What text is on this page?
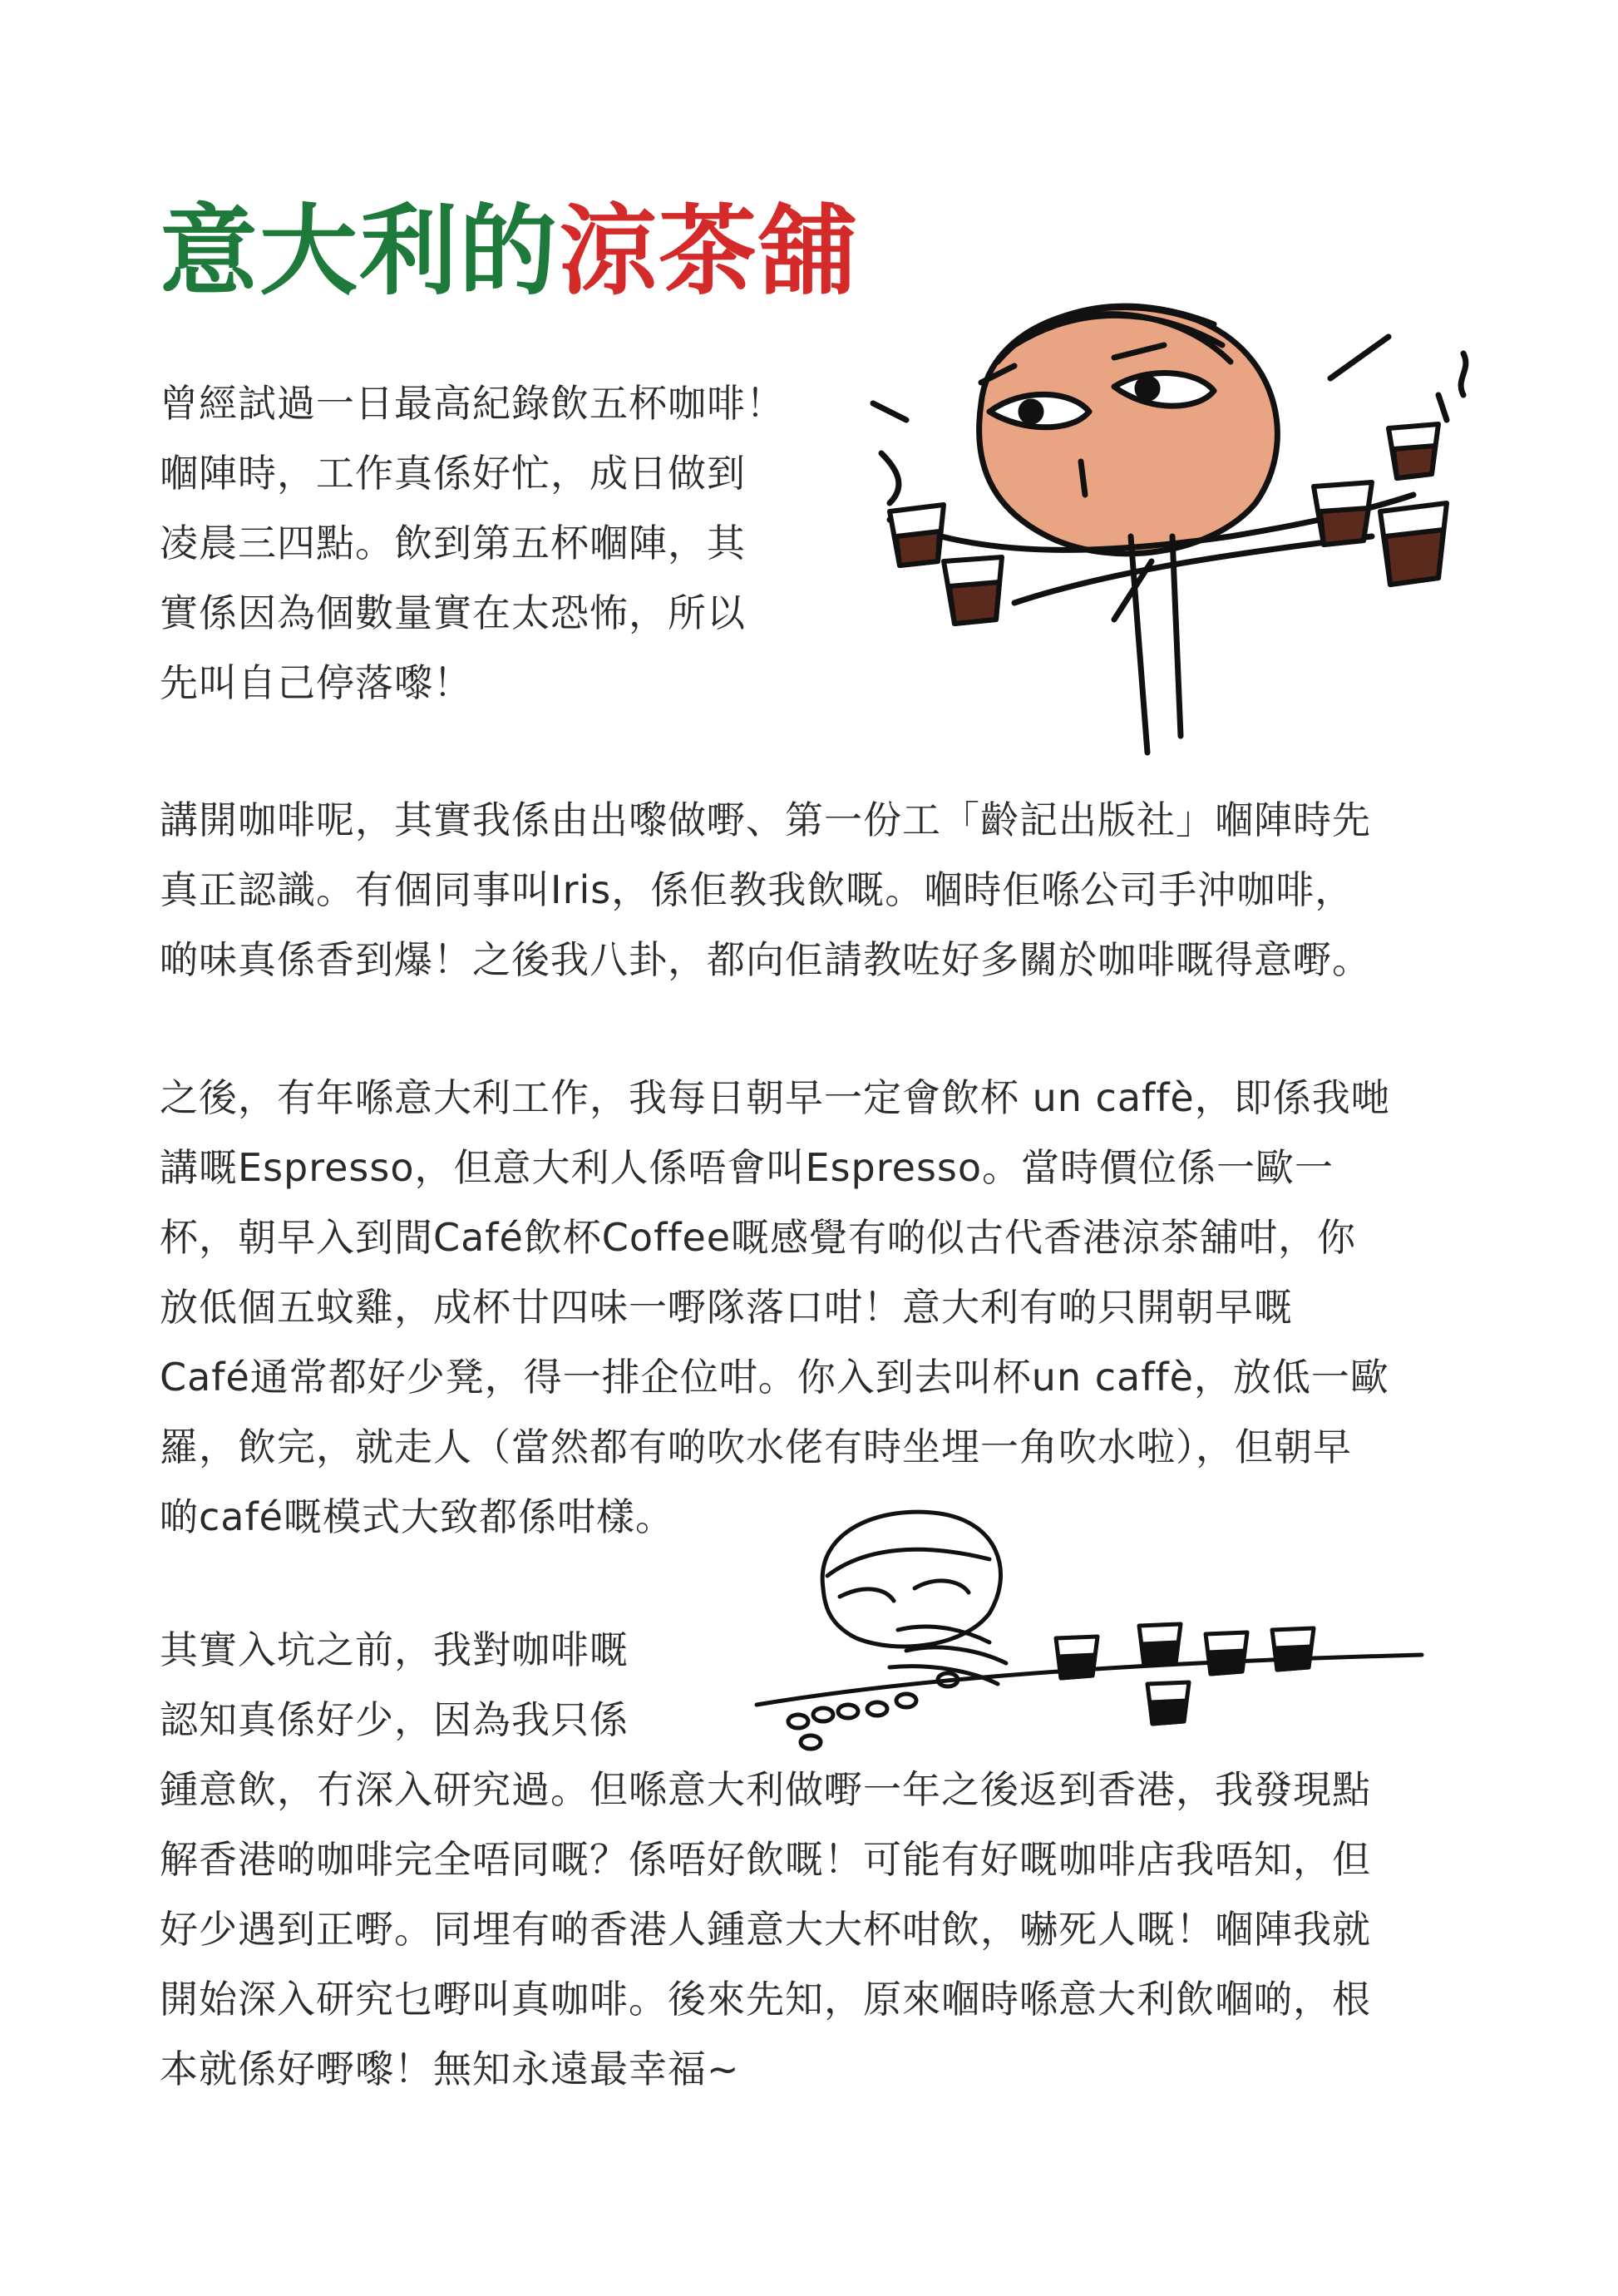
意大利的涼茶舖
曾經試過一日最高紀錄飲五杯咖啡！
嗰陣時，工作真係好忙，成日做到
凌晨三四點。飲到第五杯嗰陣，其
實係因為個數量實在太恐怖，所以
先叫自己停落嚟！
講開咖啡呢，其實我係由出嚟做嘢、第一份工「齡記出版社」嗰陣時先
真正認識。有個同事叫Iris，係佢教我飲嘅。嗰時佢喺公司手沖咖啡，
啲味真係香到爆！之後我八卦，都向佢請教咗好多關於咖啡嘅得意嘢。
之後，有年喺意大利工作，我每日朝早一定會飲杯 un caffè，即係我哋
講嘅Espresso，但意大利人係唔會叫Espresso。當時價位係一歐一
杯，朝早入到間Café飲杯Coffee嘅感覺有啲似古代香港涼茶舖咁，你
放低個五蚊雞，成杯廿四味一嘢隊落口咁！意大利有啲只開朝早嘅
Café通常都好少凳，得一排企位咁。你入到去叫杯un caffè，放低一歐
羅，飲完，就走人（當然都有啲吹水佬有時坐埋一角吹水啦），但朝早
啲café嘅模式大致都係咁樣。
其實入坑之前，我對咖啡嘅
認知真係好少，因為我只係
鍾意飲，冇深入研究過。但喺意大利做嘢一年之後返到香港，我發現點
解香港啲咖啡完全唔同嘅？係唔好飲嘅！可能有好嘅咖啡店我唔知，但
好少遇到正嘢。同埋有啲香港人鍾意大大杯咁飲，嚇死人嘅！嗰陣我就
開始深入研究乜嘢叫真咖啡。後來先知，原來嗰時喺意大利飲嗰啲，根
本就係好嘢嚟！無知永遠最幸福~
